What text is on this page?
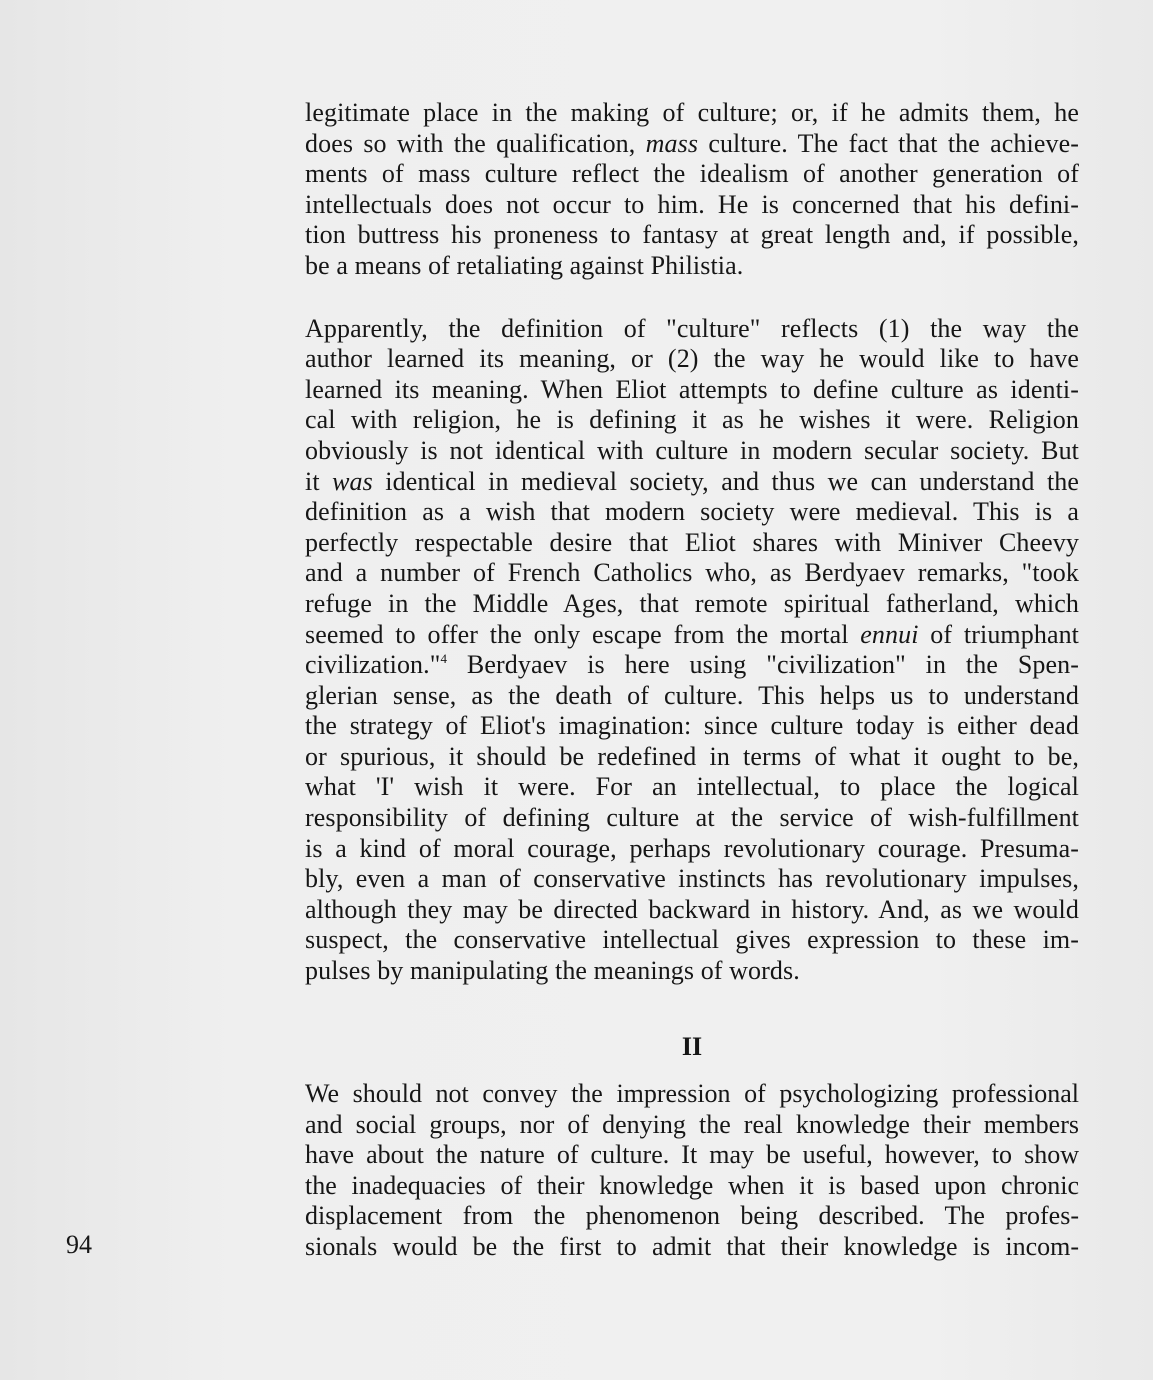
legitimate place in the making of culture; or, if he admits them, he
does so with the qualification, mass culture. The fact that the achieve-
ments of mass culture reflect the idealism of another generation of
intellectuals does not occur to him. He is concerned that his defini-
tion buttress his proneness to fantasy at great length and, if possible,
be a means of retaliating against Philistia.
Apparently, the definition of "culture" reflects (1) the way the
author learned its meaning, or (2) the way he would like to have
learned its meaning. When Eliot attempts to define culture as identi-
cal with religion, he is defining it as he wishes it were. Religion
obviously is not identical with culture in modern secular society. But
it was identical in medieval society, and thus we can understand the
definition as a wish that modern society were medieval. This is a
perfectly respectable desire that Eliot shares with Miniver Cheevy
and a number of French Catholics who, as Berdyaev remarks, "took
refuge in the Middle Ages, that remote spiritual fatherland, which
seemed to offer the only escape from the mortal ennui of triumphant
civilization."$^4$ Berdyaev is here using "civilization" in the Spen-
glerian sense, as the death of culture. This helps us to understand
the strategy of Eliot's imagination: since culture today is either dead
or spurious, it should be redefined in terms of what it ought to be,
what 'I' wish it were. For an intellectual, to place the logical
responsibility of defining culture at the service of wish-fulfillment
is a kind of moral courage, perhaps revolutionary courage. Presuma-
bly, even a man of conservative instincts has revolutionary impulses,
although they may be directed backward in history. And, as we would
suspect, the conservative intellectual gives expression to these im-
pulses by manipulating the meanings of words.
II
We should not convey the impression of psychologizing professional
and social groups, nor of denying the real knowledge their members
have about the nature of culture. It may be useful, however, to show
the inadequacies of their knowledge when it is based upon chronic
displacement from the phenomenon being described. The profes-
sionals would be the first to admit that their knowledge is incom-
94
